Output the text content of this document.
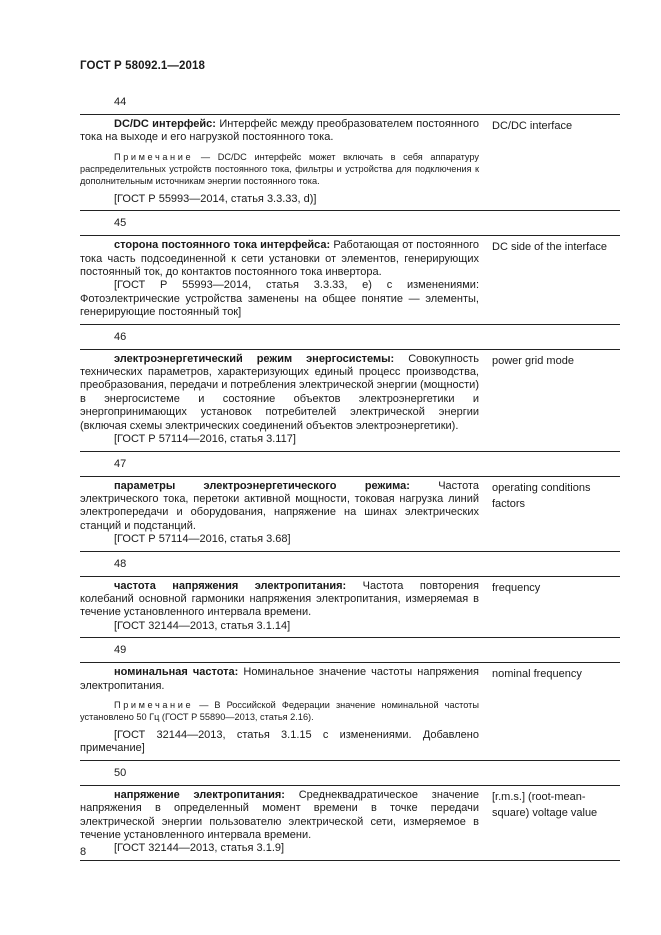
ГОСТ Р 58092.1—2018
44

DC/DC интерфейс: Интерфейс между преобразователем постоянного тока на выходе и его нагрузкой постоянного тока.

Примечание — DC/DC интерфейс может включать в себя аппаратуру распределительных устройств постоянного тока, фильтры и устройства для подключения к дополнительным источникам энергии постоянного тока.

[ГОСТ Р 55993—2014, статья 3.3.33, d)]

DC/DC interface
45

сторона постоянного тока интерфейса: Работающая от постоянного тока часть подсоединенной к сети установки от элементов, генерирующих постоянный ток, до контактов постоянного тока инвертора.

[ГОСТ Р 55993—2014, статья 3.3.33, е) с изменениями: Фотоэлектрические устройства заменены на общее понятие — элементы, генерирующие постоянный ток]

DC side of the interface
46

электроэнергетический режим энергосистемы: Совокупность технических параметров, характеризующих единый процесс производства, преобразования, передачи и потребления электрической энергии (мощности) в энергосистеме и состояние объектов электроэнергетики и энергопринимающих установок потребителей электрической энергии (включая схемы электрических соединений объектов электроэнергетики).

[ГОСТ Р 57114—2016, статья 3.117]

power grid mode
47

параметры электроэнергетического режима:	Частота электрического тока, перетоки активной мощности, токовая нагрузка линий электропередачи и оборудования, напряжение на шинах электрических станций и подстанций.

[ГОСТ Р 57114—2016, статья 3.68]

operating conditions factors
48

частота напряжения электропитания: Частота повторения колебаний основной гармоники напряжения электропитания, измеряемая в течение установленного интервала времени.

[ГОСТ 32144—2013, статья 3.1.14]

frequency
49

номинальная частота: Номинальное значение частоты напряжения электропитания.

Примечание — В Российской Федерации значение номинальной частоты установлено 50 Гц (ГОСТ Р 55890—2013, статья 2.16).

[ГОСТ 32144—2013, статья 3.1.15 с изменениями. Добавлено примечание]

nominal frequency
50

напряжение электропитания: Среднеквадратическое значение напряжения в определенный момент времени в точке передачи электрической энергии пользователю электрической сети, измеряемое в течение установленного интервала времени.

[ГОСТ 32144—2013, статья 3.1.9]

[r.m.s.] (root-mean-square) voltage value
8
